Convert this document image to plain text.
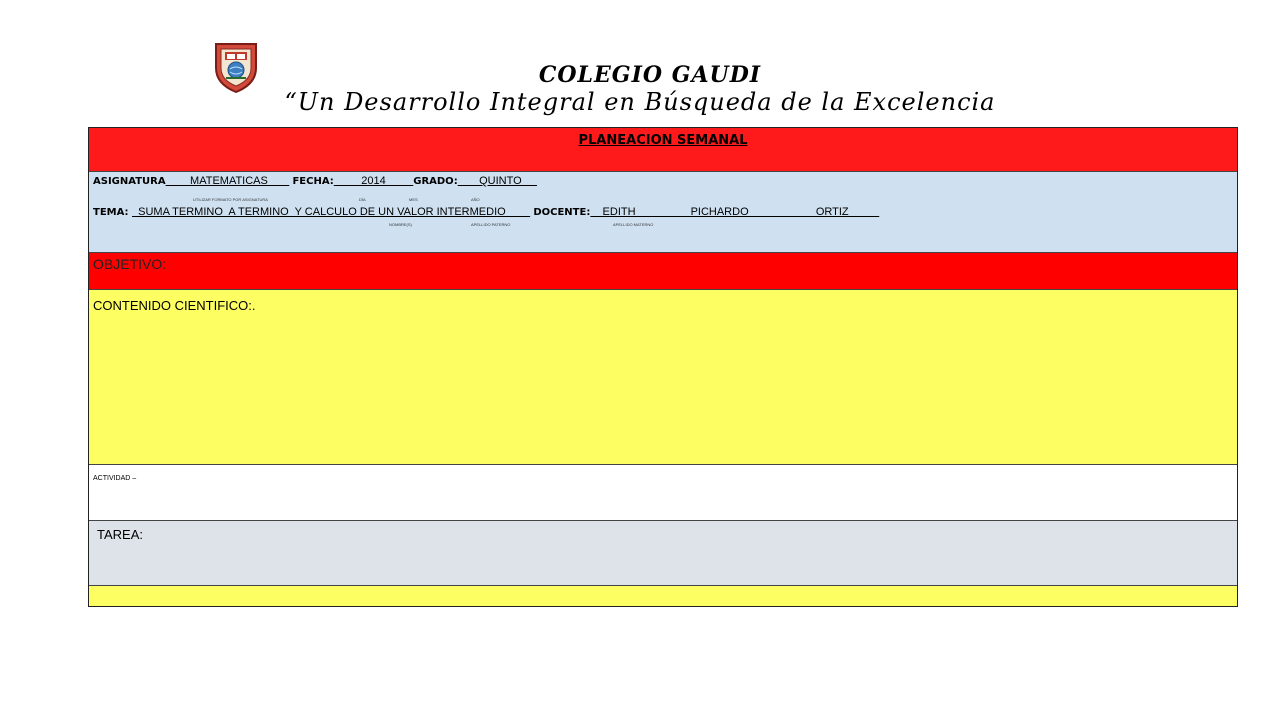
COLEGIO GAUDI
“Un Desarrollo Integral en Búsqueda de la Excelencia
PLANEACION SEMANAL
ASIGNATURA        MATEMATICAS        FECHA:         2014         GRADO:       QUINTO
UTILIZAR FORMATO POR ASIGNATURA	DÍA	MES	AÑO
TEMA:   SUMA TERMINO  A TERMINO  Y CALCULO DE UN VALOR INTERMEDIO         DOCENTE:    EDITH                  PICHARDO                      ORTIZ
NOMBRE(S)	APELLIDO PATERNO	APELLIDO MATERNO
OBJETIVO:
CONTENIDO CIENTIFICO:.
ACTIVIDAD –
TAREA:
